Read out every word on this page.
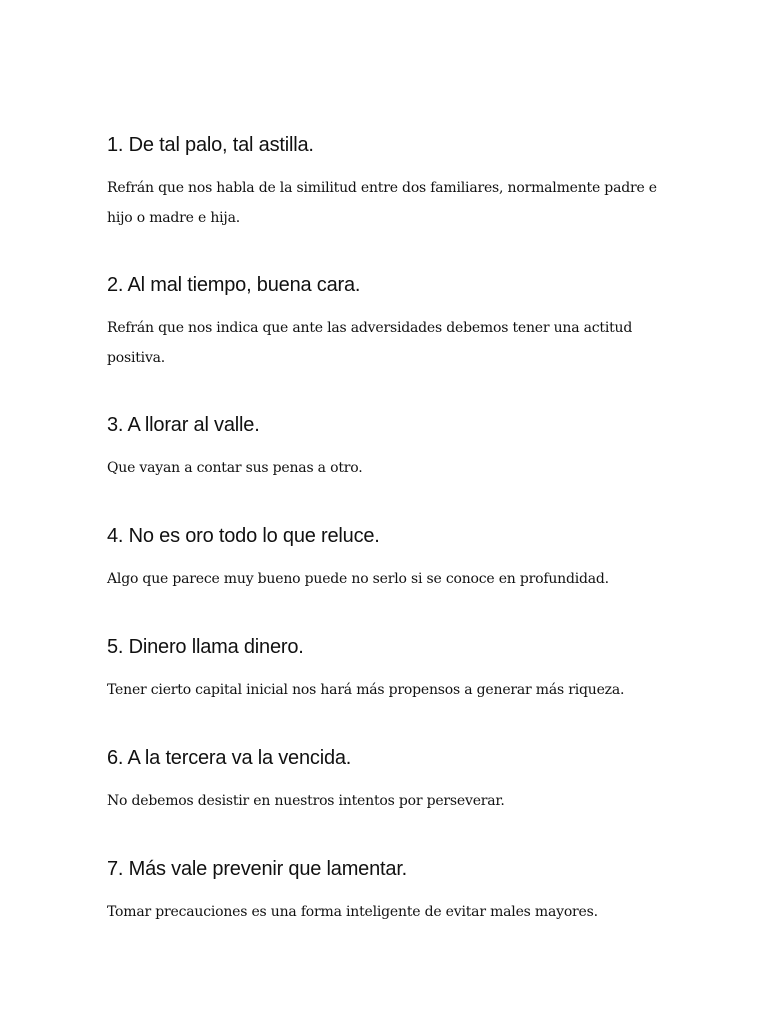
1. De tal palo, tal astilla.

Refrán que nos habla de la similitud entre dos familiares, normalmente padre e hijo o madre e hija.

2. Al mal tiempo, buena cara.

Refrán que nos indica que ante las adversidades debemos tener una actitud positiva.

3. A llorar al valle.

Que vayan a contar sus penas a otro.

4. No es oro todo lo que reluce.

Algo que parece muy bueno puede no serlo si se conoce en profundidad.

5. Dinero llama dinero.

Tener cierto capital inicial nos hará más propensos a generar más riqueza.

6. A la tercera va la vencida.

No debemos desistir en nuestros intentos por perseverar.

7. Más vale prevenir que lamentar.

Tomar precauciones es una forma inteligente de evitar males mayores.
